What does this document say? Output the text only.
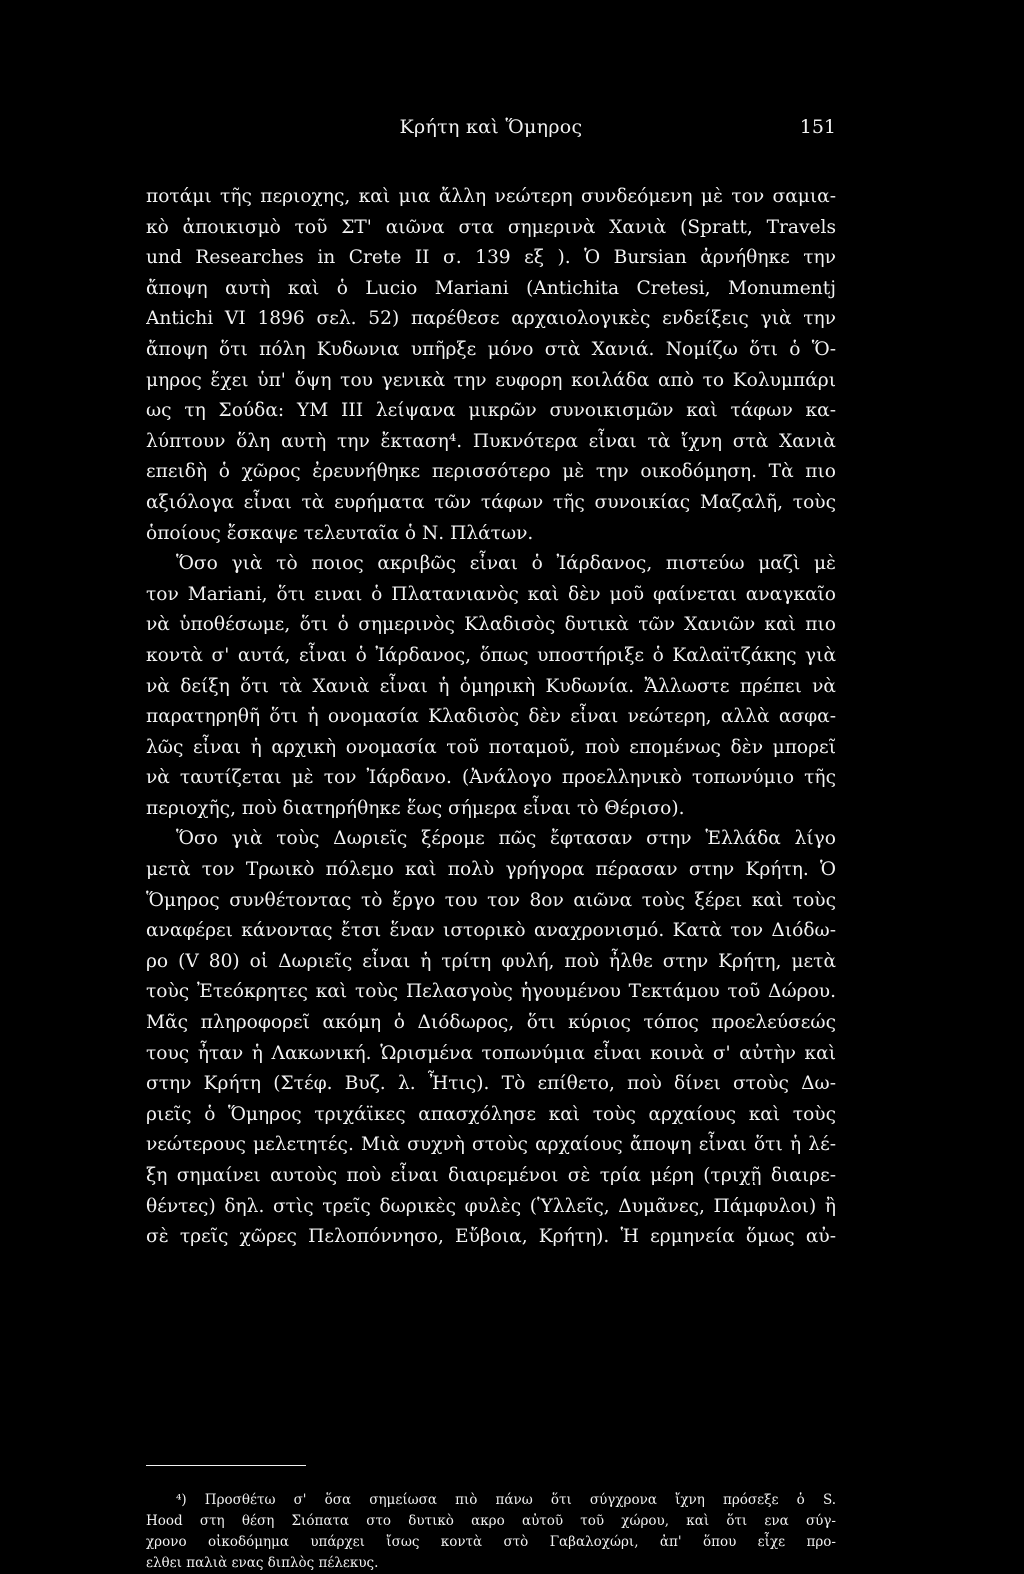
Κρήτη καὶ Ὅμηρος	151
ποτάμι τῆς περιοχης, καὶ μια ἄλλη νεώτερη συνδεόμενη μὲ τον σαμια-
κὸ ἀποικισμὸ τοῦ ΣΤ' αιῶνα στα σημερινὰ Χανιὰ (Spratt, Travels
und Researches in Crete II σ. 139 εξ ). Ὁ Bursian ἀρνήθηκε την
ἄποψη αυτὴ καὶ ὁ Lucio Mariani (Antichita Cretesi, Monumentj
Antichi VI 1896 σελ. 52) παρέθεσε αρχαιολογικὲς ενδείξεις γιὰ την
ἄποψη ὅτι πόλη Κυδωνια υπῆρξε μόνο στὰ Χανιά. Νομίζω ὅτι ὁ Ὅ-
μηρος ἔχει ὑπ' ὄψη του γενικὰ την ευφορη κοιλάδα απὸ το Κολυμπάρι
ως τη Σούδα: ΥΜ III λείψανα μικρῶν συνοικισμῶν καὶ τάφων κα-
λύπτουν ὅλη αυτὴ την ἔκταση⁴. Πυκνότερα εἶναι τὰ ἴχνη στὰ Χανιὰ
επειδὴ ὁ χῶρος ἐρευνήθηκε περισσότερο μὲ την οικοδόμηση. Τὰ πιο
αξιόλογα εἶναι τὰ ευρήματα τῶν τάφων τῆς συνοικίας Μαζαλῆ, τοὺς
ὁποίους ἔσκαψε τελευταῖα ὁ Ν. Πλάτων.
Ὅσο γιὰ τὸ ποιος ακριβῶς εἶναι ὁ Ἰάρδανος, πιστεύω μαζὶ μὲ
τον Mariani, ὅτι ειναι ὁ Πλατανιανὸς καὶ δὲν μοῦ φαίνεται αναγκαῖο
νὰ ὑποθέσωμε, ὅτι ὁ σημερινὸς Κλαδισὸς δυτικὰ τῶν Χανιῶν καὶ πιο
κοντὰ σ' αυτά, εἶναι ὁ Ἰάρδανος, ὅπως υποστήριξε ὁ Καλαϊτζάκης γιὰ
νὰ δείξη ὅτι τὰ Χανιὰ εἶναι ἡ ὁμηρικὴ Κυδωνία. Ἄλλωστε πρέπει νὰ
παρατηρηθῆ ὅτι ἡ ονομασία Κλαδισὸς δὲν εἶναι νεώτερη, αλλὰ ασφα-
λῶς εἶναι ἡ αρχικὴ ονομασία τοῦ ποταμοῦ, ποὺ επομένως δὲν μπορεῖ
νὰ ταυτίζεται μὲ τον Ἰάρδανο. (Ἀνάλογο προελληνικὸ τοπωνύμιο τῆς
περιοχῆς, ποὺ διατηρήθηκε ἕως σήμερα εἶναι τὸ Θέρισο).
Ὅσο γιὰ τοὺς Δωριεῖς ξέρομε πῶς ἔφτασαν στην Ἑλλάδα λίγο
μετὰ τον Τρωικὸ πόλεμο καὶ πολὺ γρήγορα πέρασαν στην Κρήτη. Ὁ
Ὅμηρος συνθέτοντας τὸ ἔργο του τον 8ον αιῶνα τοὺς ξέρει καὶ τοὺς
αναφέρει κάνοντας ἔτσι ἕναν ιστορικὸ αναχρονισμό. Κατὰ τον Διόδω-
ρο (V 80) οἱ Δωριεῖς εἶναι ἡ τρίτη φυλή, ποὺ ἦλθε στην Κρήτη, μετὰ
τοὺς Ἐτεόκρητες καὶ τοὺς Πελασγοὺς ἡγουμένου Τεκτάμου τοῦ Δώρου.
Μᾶς πληροφορεῖ ακόμη ὁ Διόδωρος, ὅτι κύριος τόπος προελεύσεώς
τους ἦταν ἡ Λακωνική. Ὡρισμένα τοπωνύμια εἶναι κοινὰ σ' αὐτὴν καὶ
στην Κρήτη (Στέφ. Βυζ. λ. Ἦτις). Τὸ επίθετο, ποὺ δίνει στοὺς Δω-
ριεῖς ὁ Ὅμηρος τριχάϊκες απασχόλησε καὶ τοὺς αρχαίους καὶ τοὺς
νεώτερους μελετητές. Μιὰ συχνὴ στοὺς αρχαίους ἄποψη εἶναι ὅτι ἡ λέ-
ξη σημαίνει αυτοὺς ποὺ εἶναι διαιρεμένοι σὲ τρία μέρη (τριχῇ διαιρε-
θέντες) δηλ. στὶς τρεῖς δωρικὲς φυλὲς (Ὑλλεῖς, Δυμᾶνες, Πάμφυλοι) ἢ
σὲ τρεῖς χῶρες Πελοπόννησο, Εὔβοια, Κρήτη). Ἡ ερμηνεία ὅμως αὐ-
⁴) Προσθέτω σ' ὅσα σημείωσα πιὸ πάνω ὅτι σύγχρονα ἴχνη πρόσεξε ὁ S.
Hood στη θέση Σιόπατα στο δυτικὸ ακρο αὐτοῦ τοῦ χώρου, καὶ ὅτι ενα σύγ-
χρονο οἰκοδόμημα υπάρχει ἴσως κοντὰ στὸ Γαβαλοχώρι, ἀπ' ὅπου εἶχε προ-
ελθει παλιὰ ενας διπλὸς πέλεκυς.
